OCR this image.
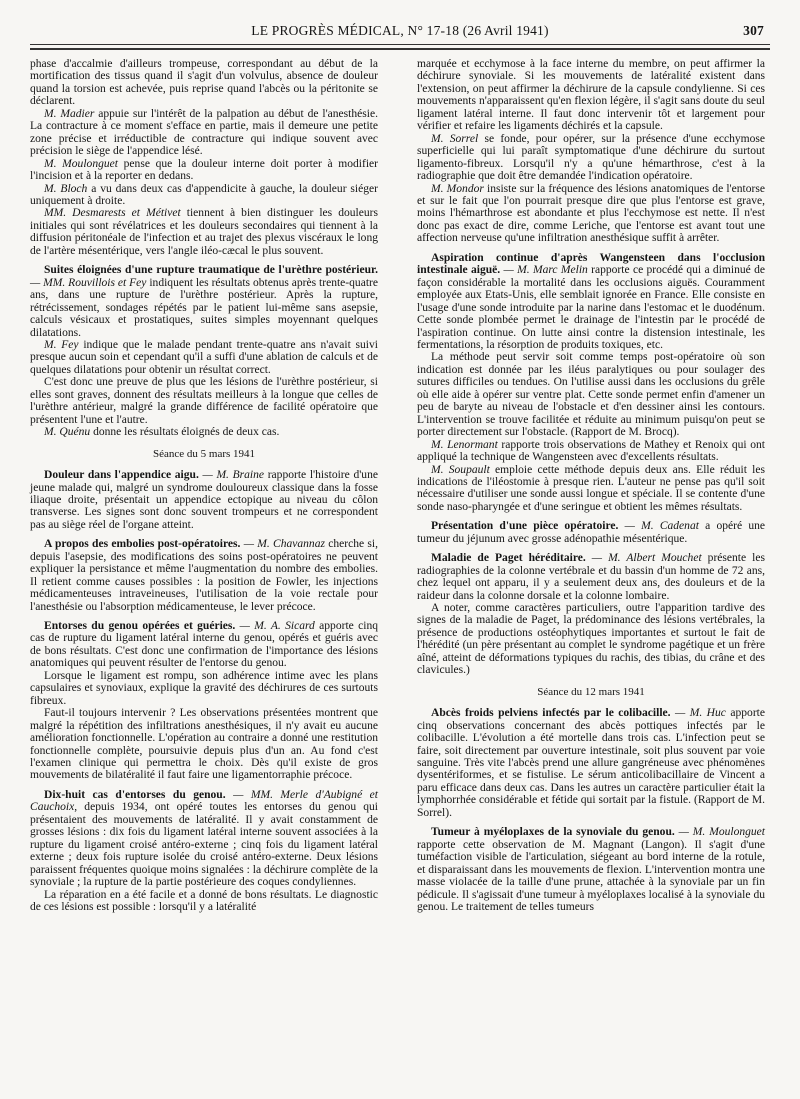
LE PROGRÈS MÉDICAL, N° 17-18 (26 Avril 1941)	307

phase d'accalmie d'ailleurs trompeuse, correspondant au début de la mortification des tissus quand il s'agit d'un volvulus, absence de douleur quand la torsion est achevée, puis reprise quand l'abcès ou la péritonite se déclarent.

M. Madier appuie sur l'intérêt de la palpation au début de l'anesthésie. La contracture à ce moment s'efface en partie, mais il demeure une petite zone précise et irréductible de contracture qui indique souvent avec précision le siège de l'appendice lésé.

M. Moulonguet pense que la douleur interne doit porter à modifier l'incision et à la reporter en dedans.

M. Bloch a vu dans deux cas d'appendicite à gauche, la douleur siéger uniquement à droite.

MM. Desmarests et Métivet tiennent à bien distinguer les douleurs initiales qui sont révélatrices et les douleurs secondaires qui tiennent à la diffusion péritonéale de l'infection et au trajet des plexus viscéraux le long de l'artère mésentérique, vers l'angle iléo-cæcal le plus souvent.

Suites éloignées d'une rupture traumatique de l'urèthre postérieur. — MM. Rouvillois et Fey indiquent les résultats obtenus après trente-quatre ans, dans une rupture de l'urèthre postérieur. Après la rupture, rétrécissement, sondages répétés par le patient lui-même sans asepsie, calculs vésicaux et prostatiques, suites simples moyennant quelques dilatations.

M. Fey indique que le malade pendant trente-quatre ans n'avait suivi presque aucun soin et cependant qu'il a suffi d'une ablation de calculs et de quelques dilatations pour obtenir un résultat correct.

C'est donc une preuve de plus que les lésions de l'urèthre postérieur, si elles sont graves, donnent des résultats meilleurs à la longue que celles de l'urèthre antérieur, malgré la grande différence de facilité opératoire que présentent l'une et l'autre.

M. Quénu donne les résultats éloignés de deux cas.

Séance du 5 mars 1941

Douleur dans l'appendice aigu. — M. Braine rapporte l'histoire d'une jeune malade qui, malgré un syndrome douloureux classique dans la fosse iliaque droite, présentait un appendice ectopique au niveau du côlon transverse. Les signes sont donc souvent trompeurs et ne correspondent pas au siège réel de l'organe atteint.

A propos des embolies post-opératoires. — M. Chavannaz cherche si, depuis l'asepsie, des modifications des soins post-opératoires ne peuvent expliquer la persistance et même l'augmentation du nombre des embolies. Il retient comme causes possibles : la position de Fowler, les injections médicamenteuses intraveineuses, l'utilisation de la voie rectale pour l'anesthésie ou l'absorption médicamenteuse, le lever précoce.

Entorses du genou opérées et guéries. — M. A. Sicard apporte cinq cas de rupture du ligament latéral interne du genou, opérés et guéris avec de bons résultats. C'est donc une confirmation de l'importance des lésions anatomiques qui peuvent résulter de l'entorse du genou.

Lorsque le ligament est rompu, son adhérence intime avec les plans capsulaires et synoviaux, explique la gravité des déchirures de ces surtouts fibreux.

Faut-il toujours intervenir ? Les observations présentées montrent que malgré la répétition des infiltrations anesthésiques, il n'y avait eu aucune amélioration fonctionnelle. L'opération au contraire a donné une restitution fonctionnelle complète, poursuivie depuis plus d'un an. Au fond c'est l'examen clinique qui permettra le choix. Dès qu'il existe de gros mouvements de bilatéralité il faut faire une ligamentorraphie précoce.

Dix-huit cas d'entorses du genou. — MM. Merle d'Aubigné et Cauchoix, depuis 1934, ont opéré toutes les entorses du genou qui présentaient des mouvements de latéralité. Il y avait constamment de grosses lésions : dix fois du ligament latéral interne souvent associées à la rupture du ligament croisé antéro-externe ; cinq fois du ligament latéral externe ; deux fois rupture isolée du croisé antéro-externe. Deux lésions paraissent fréquentes quoique moins signalées : la déchirure complète de la synoviale ; la rupture de la partie postérieure des coques condyliennes.

La réparation en a été facile et a donné de bons résultats. Le diagnostic de ces lésions est possible : lorsqu'il y a latéralité

marquée et ecchymose à la face interne du membre, on peut affirmer la déchirure synoviale. Si les mouvements de latéralité existent dans l'extension, on peut affirmer la déchirure de la capsule condylienne. Si ces mouvements n'apparaissent qu'en flexion légère, il s'agit sans doute du seul ligament latéral interne. Il faut donc intervenir tôt et largement pour vérifier et refaire les ligaments déchirés et la capsule.

M. Sorrel se fonde, pour opérer, sur la présence d'une ecchymose superficielle qui lui paraît symptomatique d'une déchirure du surtout ligamento-fibreux. Lorsqu'il n'y a qu'une hémarthrose, c'est à la radiographie que doit être demandée l'indication opératoire.

M. Mondor insiste sur la fréquence des lésions anatomiques de l'entorse et sur le fait que l'on pourrait presque dire que plus l'entorse est grave, moins l'hémarthrose est abondante et plus l'ecchymose est nette. Il n'est donc pas exact de dire, comme Leriche, que l'entorse est avant tout une affection nerveuse qu'une infiltration anesthésique suffit à arrêter.

Aspiration continue d'après Wangensteen dans l'occlusion intestinale aiguë. — M. Marc Melin rapporte ce procédé qui a diminué de façon considérable la mortalité dans les occlusions aiguës. Couramment employée aux Etats-Unis, elle semblait ignorée en France. Elle consiste en l'usage d'une sonde introduite par la narine dans l'estomac et le duodénum. Cette sonde plombée permet le drainage de l'intestin par le procédé de l'aspiration continue. On lutte ainsi contre la distension intestinale, les fermentations, la résorption de produits toxiques, etc.

La méthode peut servir soit comme temps post-opératoire où son indication est donnée par les iléus paralytiques ou pour soulager des sutures difficiles ou tendues. On l'utilise aussi dans les occlusions du grêle où elle aide à opérer sur ventre plat. Cette sonde permet enfin d'amener un peu de baryte au niveau de l'obstacle et d'en dessiner ainsi les contours. L'intervention se trouve facilitée et réduite au minimum puisqu'on peut se porter directement sur l'obstacle. (Rapport de M. Brocq).

M. Lenormant rapporte trois observations de Mathey et Renoix qui ont appliqué la technique de Wangensteen avec d'excellents résultats.

M. Soupault emploie cette méthode depuis deux ans. Elle réduit les indications de l'iléostomie à presque rien. L'auteur ne pense pas qu'il soit nécessaire d'utiliser une sonde aussi longue et spéciale. Il se contente d'une sonde naso-pharyngée et d'une seringue et obtient les mêmes résultats.

Présentation d'une pièce opératoire. — M. Cadenat a opéré une tumeur du jéjunum avec grosse adénopathie mésentérique.

Maladie de Paget héréditaire. — M. Albert Mouchet présente les radiographies de la colonne vertébrale et du bassin d'un homme de 72 ans, chez lequel ont apparu, il y a seulement deux ans, des douleurs et de la raideur dans la colonne dorsale et la colonne lombaire.

A noter, comme caractères particuliers, outre l'apparition tardive des signes de la maladie de Paget, la prédominance des lésions vertébrales, la présence de productions ostéophytiques importantes et surtout le fait de l'hérédité (un père présentant au complet le syndrome pagétique et un frère aîné, atteint de déformations typiques du rachis, des tibias, du crâne et des clavicules.)

Séance du 12 mars 1941

Abcès froids pelviens infectés par le colibacille. — M. Huc apporte cinq observations concernant des abcès pottiques infectés par le colibacille. L'évolution a été mortelle dans trois cas. L'infection peut se faire, soit directement par ouverture intestinale, soit plus souvent par voie sanguine. Très vite l'abcès prend une allure gangréneuse avec phénomènes dysentériformes, et se fistulise. Le sérum anticolibacillaire de Vincent a paru efficace dans deux cas. Dans les autres un caractère particulier était la lymphorrhée considérable et fétide qui sortait par la fistule. (Rapport de M. Sorrel).

Tumeur à myéloplaxes de la synoviale du genou. — M. Moulonguet rapporte cette observation de M. Magnant (Langon). Il s'agit d'une tuméfaction visible de l'articulation, siégeant au bord interne de la rotule, et disparaissant dans les mouvements de flexion. L'intervention montra une masse violacée de la taille d'une prune, attachée à la synoviale par un fin pédicule. Il s'agissait d'une tumeur à myéloplaxes localisé à la synoviale du genou. Le traitement de telles tumeurs
